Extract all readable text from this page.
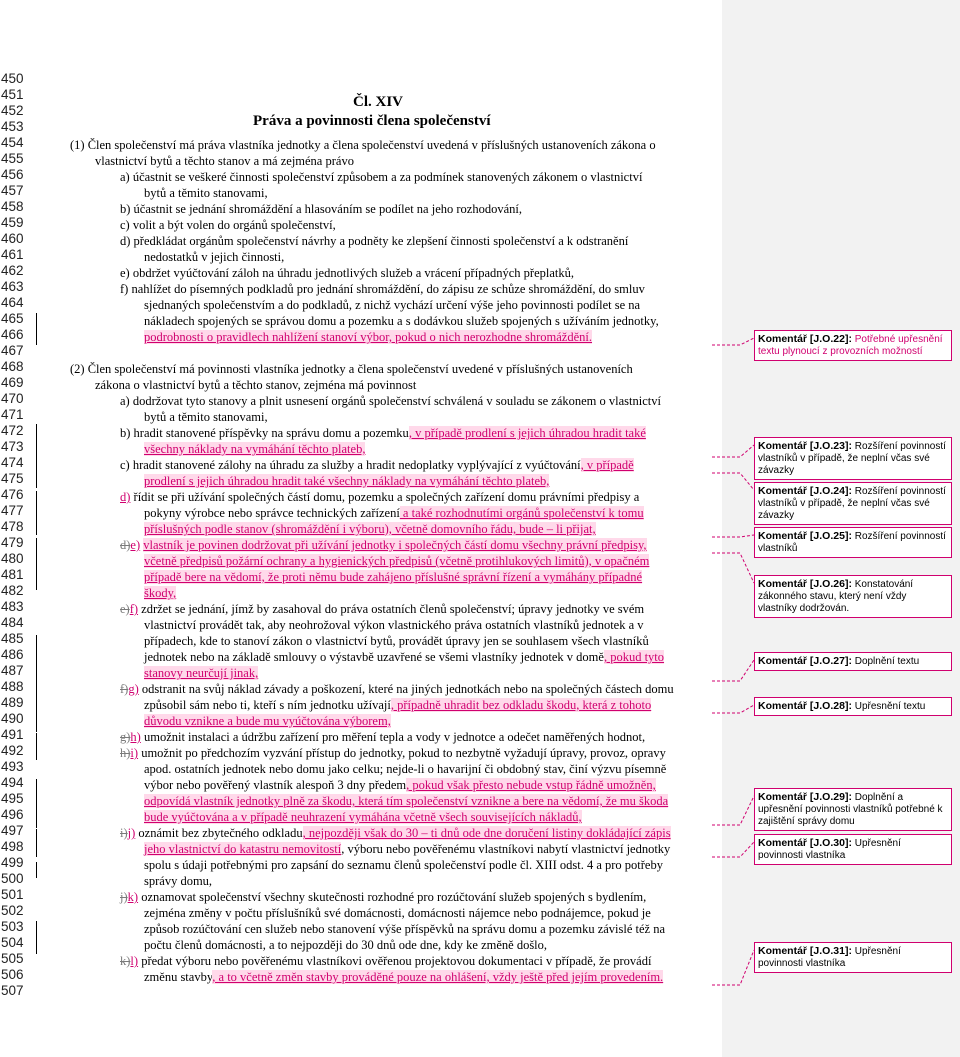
450
451
452
453
454
455
456
457
458
459
460
461
462
463
464
465
466
467
468
469
470
471
472
473
474
475
476
477
478
479
480
481
482
483
484
485
486
487
488
489
490
491
492
493
494
495
496
497
498
499
500
501
502
503
504
505
506
507
Čl. XIV
Práva a povinnosti člena společenství
(1) Člen společenství má práva vlastníka jednotky a člena společenství uvedená v příslušných ustanoveních zákona o
vlastnictví bytů a těchto stanov a má zejména právo
a) účastnit se veškeré činnosti společenství způsobem a za podmínek stanovených zákonem o vlastnictví
bytů a těmito stanovami,
b) účastnit se jednání shromáždění a hlasováním se podílet na jeho rozhodování,
c) volit a být volen do orgánů společenství,
d) předkládat orgánům společenství návrhy a podněty ke zlepšení činnosti společenství a k odstranění
nedostatků v jejich činnosti,
e) obdržet vyúčtování záloh na úhradu jednotlivých služeb a vrácení případných přeplatků,
f) nahlížet do písemných podkladů pro jednání shromáždění, do zápisu ze schůze shromáždění, do smluv
sjednaných společenstvím a do podkladů, z nichž vychází určení výše jeho povinnosti podílet se na
nákladech spojených se správou domu a pozemku a s dodávkou služeb spojených s užíváním jednotky,
podrobnosti o pravidlech nahlížení stanoví výbor, pokud o nich nerozhodne shromáždění.
(2) Člen společenství má povinnosti vlastníka jednotky a člena společenství uvedené v příslušných ustanoveních
zákona o vlastnictví bytů a těchto stanov, zejména má povinnost
a) dodržovat tyto stanovy a plnit usnesení orgánů společenství schválená v souladu se zákonem o vlastnictví
bytů a těmito stanovami,
b) hradit stanovené příspěvky na správu domu a pozemku, v případě prodlení s jejich úhradou hradit také
všechny náklady na vymáhání těchto plateb,
c) hradit stanovené zálohy na úhradu za služby a hradit nedoplatky vyplývající z vyúčtování, v případě
prodlení s jejich úhradou hradit také všechny náklady na vymáhání těchto plateb,
d) řídit se při užívání společných částí domu, pozemku a společných zařízení domu právními předpisy a
pokyny výrobce nebo správce technických zařízení a také rozhodnutími orgánů společenství k tomu
příslušných podle stanov (shromáždění i výboru), včetně domovního řádu, bude – li přijat,
d)e) vlastník je povinen dodržovat při užívání jednotky i společných částí domu všechny právní předpisy,
včetně předpisů požární ochrany a hygienických předpisů (včetně protihlukových limitů), v opačném
případě bere na vědomí, že proti němu bude zahájeno příslušné správní řízení a vymáhány případné
škody,
e)f) zdržet se jednání, jímž by zasahoval do práva ostatních členů společenství; úpravy jednotky ve svém
vlastnictví provádět tak, aby neohrožoval výkon vlastnického práva ostatních vlastníků jednotek a v
případech, kde to stanoví zákon o vlastnictví bytů, provádět úpravy jen se souhlasem všech vlastníků
jednotek nebo na základě smlouvy o výstavbě uzavřené se všemi vlastníky jednotek v domě, pokud tyto
stanovy neurčují jinak,
f)g) odstranit na svůj náklad závady a poškození, které na jiných jednotkách nebo na společných částech domu
způsobil sám nebo ti, kteří s ním jednotku užívají, případně uhradit bez odkladu škodu, která z tohoto
důvodu vznikne a bude mu vyúčtována výborem,
g)h) umožnit instalaci a údržbu zařízení pro měření tepla a vody v jednotce a odečet naměřených hodnot,
h)i) umožnit po předchozím vyzvání přístup do jednotky, pokud to nezbytně vyžadují úpravy, provoz, opravy
apod. ostatních jednotek nebo domu jako celku; nejde-li o havarijní či obdobný stav, činí výzvu písemně
výbor nebo pověřený vlastník alespoň 3 dny předem, pokud však přesto nebude vstup řádně umožněn,
odpovídá vlastník jednotky plně za škodu, která tím společenství vznikne a bere na vědomí, že mu škoda
bude vyúčtována a v případě neuhrazení vymáhána včetně všech souvisejících nákladů,
i)j) oznámit bez zbytečného odkladu, nejpozději však do 30 – ti dnů ode dne doručení listiny dokládající zápis
jeho vlastnictví do katastru nemovitostí, výboru nebo pověřenému vlastníkovi nabytí vlastnictví jednotky
spolu s údaji potřebnými pro zapsání do seznamu členů společenství podle čl. XIII odst. 4 a pro potřeby
správy domu,
j)k) oznamovat společenství všechny skutečnosti rozhodné pro rozúčtování služeb spojených s bydlením,
zejména změny v počtu příslušníků své domácnosti, domácnosti nájemce nebo podnájemce, pokud je
způsob rozúčtování cen služeb nebo stanovení výše příspěvků na správu domu a pozemku závislé též na
počtu členů domácnosti, a to nejpozději do 30 dnů ode dne, kdy ke změně došlo,
k)l) předat výboru nebo pověřenému vlastníkovi ověřenou projektovou dokumentaci v případě, že provádí
změnu stavby, a to včetně změn stavby prováděné pouze na ohlášení, vždy ještě před jejím provedením.
Komentář [J.O.22]: Potřebné upřesnění textu plynoucí z provozních možností
Komentář [J.O.23]: Rozšíření povinností vlastníků v případě, že neplní včas své závazky
Komentář [J.O.24]: Rozšíření povinností vlastníků v případě, že neplní včas své závazky
Komentář [J.O.25]: Rozšíření povinností vlastníků
Komentář [J.O.26]: Konstatování zákonného stavu, který není vždy vlastníky dodržován.
Komentář [J.O.27]: Doplnění textu
Komentář [J.O.28]: Upřesnění textu
Komentář [J.O.29]: Doplnění a upřesnění povinnosti vlastníků potřebné k zajištění správy domu
Komentář [J.O.30]: Upřesnění povinnosti vlastníka
Komentář [J.O.31]: Upřesnění povinnosti vlastníka
